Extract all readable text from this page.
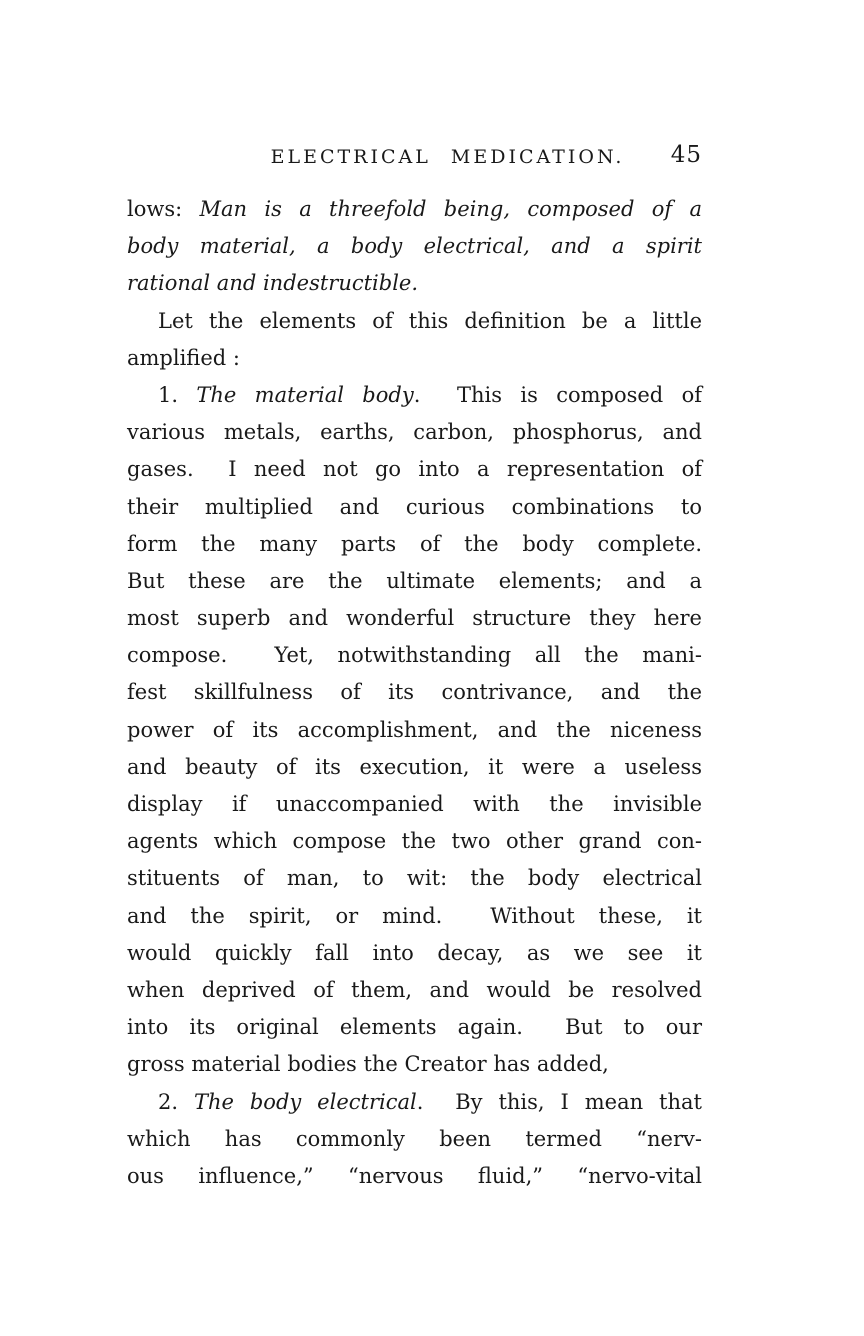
ELECTRICAL MEDICATION. 45
lows: Man is a threefold being, composed of a
body material, a body electrical, and a spirit
rational and indestructible.
Let the elements of this definition be a little
amplified :
1. The material body.  This is composed of
various metals, earths, carbon, phosphorus, and
gases.  I need not go into a representation of
their multiplied and curious combinations to
form the many parts of the body complete.
But these are the ultimate elements; and a
most superb and wonderful structure they here
compose.  Yet, notwithstanding all the mani-
fest skillfulness of its contrivance, and the
power of its accomplishment, and the niceness
and beauty of its execution, it were a useless
display if unaccompanied with the invisible
agents which compose the two other grand con-
stituents of man, to wit: the body electrical
and the spirit, or mind.  Without these, it
would quickly fall into decay, as we see it
when deprived of them, and would be resolved
into its original elements again.  But to our
gross material bodies the Creator has added,
2. The body electrical.  By this, I mean that
which has commonly been termed “nerv-
ous influence,” “nervous fluid,” “nervo-vital
